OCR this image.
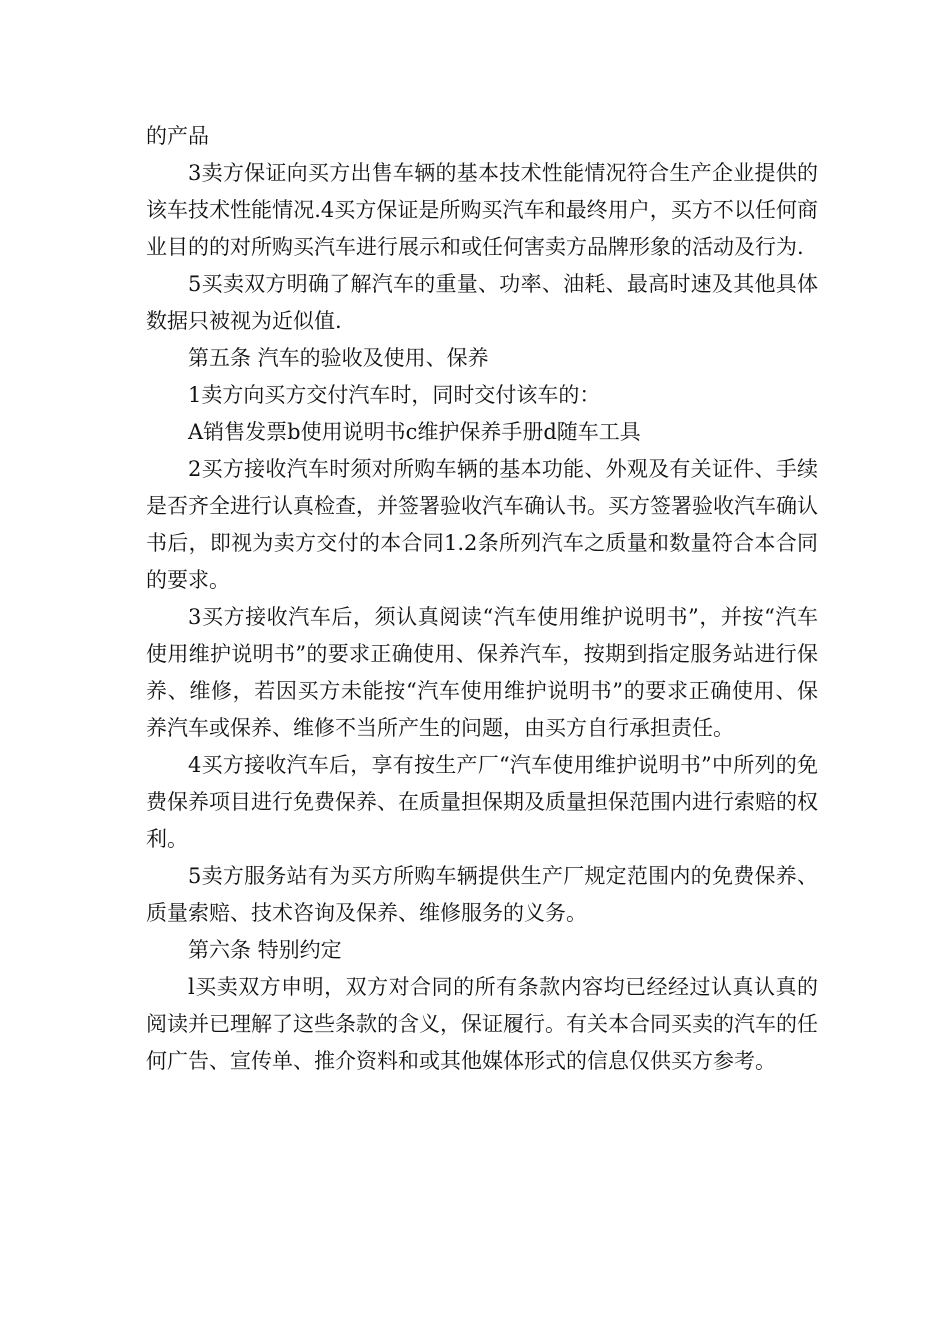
的产品

3卖方保证向买方出售车辆的基本技术性能情况符合生产企业提供的该车技术性能情况.4买方保证是所购买汽车和最终用户，买方不以任何商业目的的对所购买汽车进行展示和或任何害卖方品牌形象的活动及行为.

5买卖双方明确了解汽车的重量、功率、油耗、最高时速及其他具体数据只被视为近似值.

第五条 汽车的验收及使用、保养

1卖方向买方交付汽车时，同时交付该车的：

A销售发票b使用说明书c维护保养手册d随车工具

2买方接收汽车时须对所购车辆的基本功能、外观及有关证件、手续是否齐全进行认真检查，并签署验收汽车确认书。买方签署验收汽车确认书后，即视为卖方交付的本合同1.2条所列汽车之质量和数量符合本合同的要求。

3买方接收汽车后，须认真阅读“汽车使用维护说明书”，并按“汽车使用维护说明书”的要求正确使用、保养汽车，按期到指定服务站进行保养、维修，若因买方未能按“汽车使用维护说明书”的要求正确使用、保养汽车或保养、维修不当所产生的问题，由买方自行承担责任。

4买方接收汽车后，享有按生产厂“汽车使用维护说明书”中所列的免费保养项目进行免费保养、在质量担保期及质量担保范围内进行索赔的权利。

5卖方服务站有为买方所购车辆提供生产厂规定范围内的免费保养、质量索赔、技术咨询及保养、维修服务的义务。

第六条 特别约定

l买卖双方申明，双方对合同的所有条款内容均已经经过认真认真的阅读并已理解了这些条款的含义，保证履行。有关本合同买卖的汽车的任何广告、宣传单、推介资料和或其他媒体形式的信息仅供买方参考。
